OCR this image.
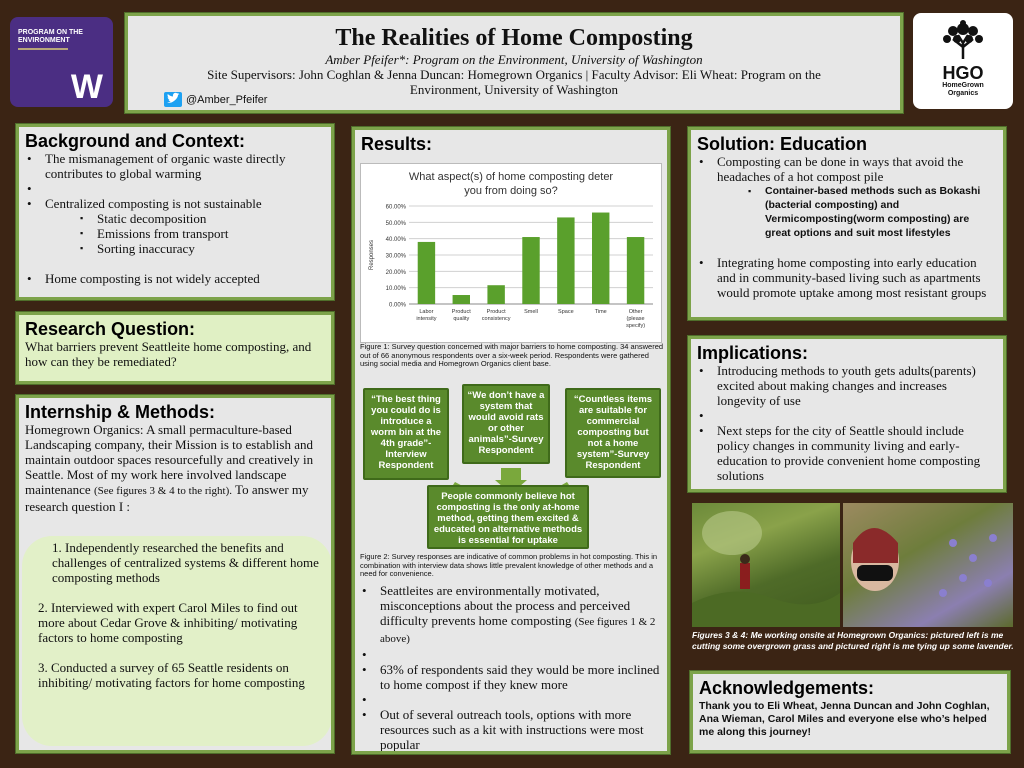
PROGRAM ON THE
ENVIRONMENT
W	HGO
HomeGrown
Organics
The Realities of Home Composting
Amber Pfeifer*: Program on the Environment, University of Washington
Site Supervisors: John Coghlan & Jenna Duncan: Homegrown Organics | Faculty Advisor: Eli Wheat: Program on the
Environment, University of Washington
@Amber_Pfeifer
Background and Context:
• The mismanagement of organic waste directly contributes to global warming
•
• Centralized composting is not sustainable
▪ Static decomposition
▪ Emissions from transport
▪ Sorting inaccuracy
• Home composting is not widely accepted
Research Question:
What barriers prevent Seattleite home composting, and how can they be remediated?
Internship & Methods:
Homegrown Organics: A small permaculture-based Landscaping company, their Mission is to establish and maintain outdoor spaces resourcefully and creatively in Seattle. Most of my work here involved landscape maintenance (See figures 3 & 4 to the right). To answer my research question I :
1. Independently researched the benefits and challenges of centralized systems & different home composting methods
2. Interviewed with expert Carol Miles to find out more about Cedar Grove & inhibiting/ motivating factors to home composting
3. Conducted a survey of 65 Seattle residents on inhibiting/ motivating factors for home composting
Results:
What aspect(s) of home composting deter
you from doing so?
0.00%
10.00%
20.00%
30.00%
40.00%
50.00%
60.00%
Responses
Labor
intensity
Product
quality
Product
consistency
Smell	Space	Time	Other
(please
specify)
Figure 1: Survey question concerned with major barriers to home composting. 34 answered out of 66 anonymous respondents over a six-week period. Respondents were gathered using social media and Homegrown Organics client base.
“The best thing you could do is introduce a worm bin at the 4th grade”- Interview Respondent
“We don’t have a system that would avoid rats or other animals”-Survey Respondent
“Countless items are suitable for commercial composting but not a home system”-Survey Respondent
People commonly believe hot composting is the only at-home method, getting them excited & educated on alternative methods is essential for uptake
Figure 2: Survey responses are indicative of common problems in hot composting. This in combination with interview data shows little prevalent knowledge of other methods and a need for convenience.
• Seattleites are environmentally motivated, misconceptions about the process and perceived difficulty prevents home composting (See figures 1 & 2 above)
•
• 63% of respondents said they would be more inclined to home compost if they knew more
•
• Out of several outreach tools, options with more resources such as a kit with instructions were most popular
Solution: Education
• Composting can be done in ways that avoid the headaches of a hot compost pile
▪ Container-based methods such as Bokashi (bacterial composting) and Vermicomposting(worm composting) are great options and suit most lifestyles
• Integrating home composting into early education and in community-based living such as apartments would promote uptake among most resistant groups
Implications:
• Introducing methods to youth gets adults(parents) excited about making changes and increases longevity of use
•
• Next steps for the city of Seattle should include policy changes in community living and early-education to provide convenient home composting solutions
Figures 3 & 4: Me working onsite at Homegrown Organics: pictured left is me cutting some overgrown grass and pictured right is me tying up some lavender.
Acknowledgements:
Thank you to Eli Wheat, Jenna Duncan and John Coghlan, Ana Wieman, Carol Miles and everyone else who’s helped me along this journey!
